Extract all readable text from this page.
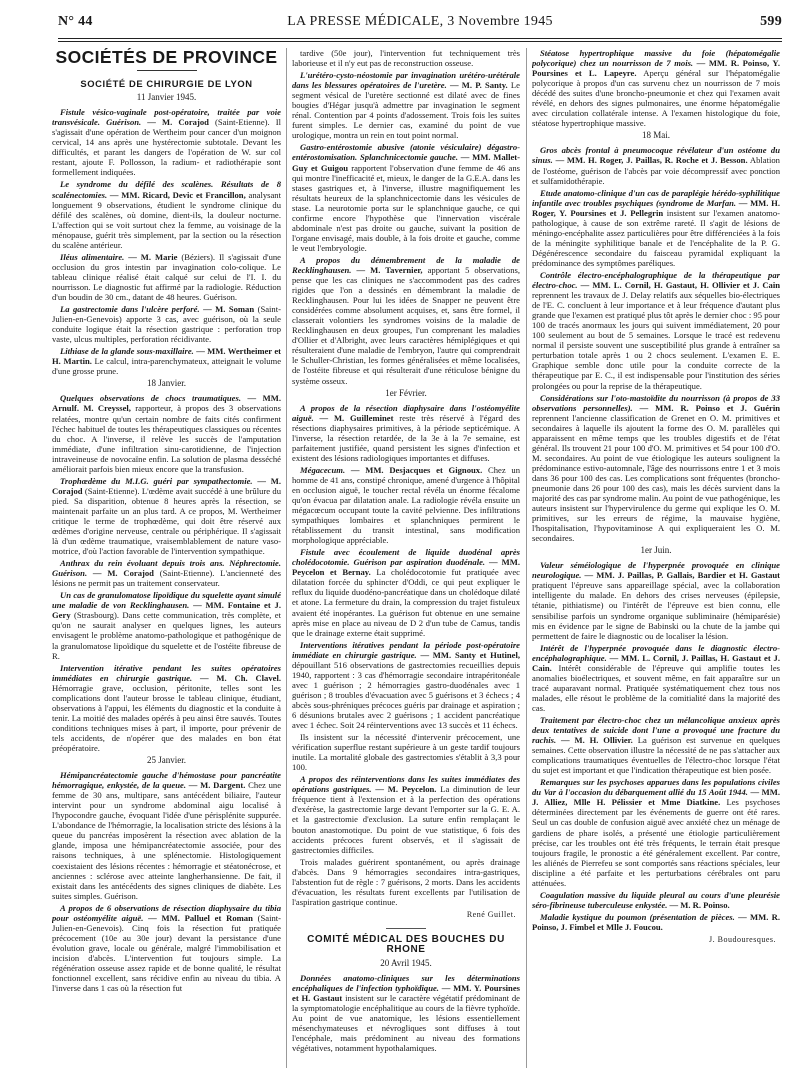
N° 44	LA PRESSE MÉDICALE, 3 Novembre 1945	599
SOCIÉTÉS DE PROVINCE
SOCIÉTÉ DE CHIRURGIE DE LYON
11 Janvier 1945.

Fistule vésico-vaginale post-opératoire, traitée par voie transvésicale. Guérison. — M. Corajod (Saint-Etienne). Il s'agissait d'une opération de Wertheim pour cancer d'un moignon cervical, 14 ans après une hystérectomie subtotale. Devant les difficultés, et parant les dangers de l'opération de W. sur col restant, ajoute F. Pollosson, la radium- et radiothérapie sont formellement indiquées.

Le syndrome du défilé des scalènes. Résultats de 8 scalénectomies. — MM. Ricard, Devic et Francillon, analysant longuement 9 observations, étudient le syndrome clinique du défilé des scalènes, où domine, dient-ils, la douleur nocturne. L'affection qui se voit surtout chez la femme, au voisinage de la ménopause, guérit très simplement, par la section ou la résection du scalène antérieur.

Iléus alimentaire. — M. Marie (Béziers). Il s'agissait d'une occlusion du gros intestin par invagination colo-colique. Le tableau clinique réalisé était calqué sur celui de l'I. I. du nourrisson. Le diagnostic fut affirmé par la radiologie. Réduction d'un boudin de 30 cm., datant de 48 heures. Guérison.

La gastrectomie dans l'ulcère perforé. — M. Soman (Saint-Julien-en-Genevois) apporte 3 cas, avec guérison, où la seule conduite logique était la résection gastrique : perforation trop vaste, ulcus multiples, perforation récidivante.

Lithiase de la glande sous-maxillaire. — MM. Wertheimer et H. Martin. Le calcul, intra-parenchymateux, atteignait le volume d'une grosse prune.

18 Janvier.

Quelques observations de chocs traumatiques. — MM. Arnulf. M. Creyssel, rapporteur, à propos des 3 observations relatées, montre qu'un certain nombre de faits cités confirment l'échec habituel de toutes les thérapeutiques classiques ou récentes du choc. A l'inverse, il relève les succès de l'amputation immédiate, d'une infiltration sinu-carotidienne, de l'injection intraveineuse de novocaïne enfin. La solution de plasma desséché améliorait parfois bien mieux encore que la transfusion.

Trophœdème du M.I.G. guéri par sympathectomie. — M. Corajod (Saint-Etienne). L'œdème avait succédé à une brûlure du pied. Sa disparition, obtenue 8 heures après la résection, se maintenait parfaite un an plus tard. A ce propos, M. Wertheimer critique le terme de trophœdème, qui doit être réservé aux œdèmes d'origine nerveuse, centrale ou périphérique. Il s'agissait là d'un œdème traumatique, vraisemblablement de nature vaso-motrice, d'où l'action favorable de l'intervention sympathique.

Anthrax du rein évoluant depuis trois ans. Néphrectomie. Guérison. — M. Corajod (Saint-Etienne). L'ancienneté des lésions ne permit pas un traitement conservateur.

Un cas de granulomatose lipoïdique du squelette ayant simulé une maladie de von Recklinghausen. — MM. Fontaine et J. Gery (Strasbourg). Dans cette communication, très complète, et qu'on ne saurait analyser en quelques lignes, les auteurs envisagent le problème anatomo-pathologique et pathogénique de la granulomatose lipoïdique du squelette et de l'ostéite fibreuse de R.

Intervention itérative pendant les suites opératoires immédiates en chirurgie gastrique. — M. Ch. Clavel. Hémorragie grave, occlusion, péritonite, telles sont les complications dont l'auteur brosse le tableau clinique, étudiant, observations à l'appui, les éléments du diagnostic et la conduite à tenir. La moitié des malades opérés à peu ainsi être sauvés. Toutes conditions techniques mises à part, il importe, pour prévenir de tels accidents, de n'opérer que des malades en bon état préopératoire.

25 Janvier.

Hémipancréatectomie gauche d'hémostase pour pancréatite hémorragique, enkystée, de la queue. — M. Dargent. Chez une femme de 30 ans, multipare, sans antécédent biliaire, l'auteur intervint pour un syndrome abdominal aigu localisé à l'hypocondre gauche, évoquant l'idée d'une périsplénite suppurée. L'abondance de l'hémorragie, la localisation stricte des lésions à la queue du pancréas imposèrent la résection avec ablation de la glande, imposa une hémipancréatectomie associée, pour des raisons techniques, à une splénectomie. Histologiquement coexistaient des lésions récentes : hémorragie et stéatonécrose, et anciennes : sclérose avec atteinte langherhansienne. De fait, il existait dans les antécédents des signes cliniques de diabète. Les suites simples. Guérison.

A propos de 6 observations de résection diaphysaire du tibia pour ostéomyélite aiguë. — MM. Palluel et Roman (Saint-Julien-en-Genevois). Cinq fois la résection fut pratiquée précocement (10e au 30e jour) devant la persistance d'une évolution grave, locale ou générale, malgré l'immobilisation et incision d'abcès. L'intervention fut toujours simple. La régénération osseuse assez rapide et de bonne qualité, le résultat fonctionnel excellent, sans récidive enfin au niveau du tibia. A l'inverse dans 1 cas où la résection fut

tardive (50e jour), l'intervention fut techniquement très laborieuse et il n'y eut pas de reconstruction osseuse.

L'urétéro-cysto-néostomie par invagination urétéro-urétérale dans les blessures opératoires de l'uretère. — M. P. Santy. Le segment vésical de l'uretère sectionné est dilaté avec de fines bougies d'Hégar jusqu'à admettre par invagination le segment rénal. Contention par 4 points d'adossement. Trois fois les suites furent simples. Le dernier cas, examiné du point de vue urologique, montra un rein en tout point normal.

Gastro-entérostomie abusive (atonie vésiculaire) dégastro-entérostomisation. Splanchnicectomie gauche. — MM. Mallet-Guy et Guigou rapportent l'observation d'une femme de 46 ans qui montre l'inefficacité et, mieux, le danger de la G.E.A. dans les stases gastriques et, à l'inverse, illustre magnifiquement les résultats heureux de la splanchnicectomie dans les vésicules de stase. La neurotomie porta sur le splanchnique gauche, ce qui confirme encore l'hypothèse que l'innervation viscérale abdominale n'est pas droite ou gauche, suivant la position de l'organe envisagé, mais double, à la fois droite et gauche, comme le veut l'embryologie.

A propos du démembrement de la maladie de Recklinghausen. — M. Tavernier, apportant 5 observations, pense que les cas cliniques ne s'accommodent pas des cadres rigides que l'on a dessinés en démembrant la maladie de Recklinghausen. Pour lui les idées de Snapper ne peuvent être considérées comme absolument acquises, et, sans être formel, il classerait volontiers les syndromes voisins de la maladie de Recklinghausen en deux groupes, l'un comprenant les maladies d'Ollier et d'Albright, avec leurs caractères hémiplégiques et qui résulteraient d'une maladie de l'embryon, l'autre qui comprendrait le Schuller-Christian, les formes généralisées et même localisées, de l'ostéite fibreuse et qui résulterait d'une réticulose bénigne du système osseux.

1er Février.

A propos de la résection diaphysaire dans l'ostéomyélite aiguë. — M. Guilleminet reste très réservé à l'égard des résections diaphysaires primitives, à la période septicémique. A l'inverse, la résection retardée, de la 3e à la 7e semaine, est parfaitement justifiée, quand persistent les signes d'infection et existent des lésions radiologiques importantes et diffuses.

Mégacecum. — MM. Desjacques et Gignoux. Chez un homme de 41 ans, constipé chronique, amené d'urgence à l'hôpital en occlusion aiguë, le toucher rectal révéla un énorme fécalome qu'on évacua par dilatation anale. La radiologie révéla ensuite un mégacœcum occupant toute la cavité pelvienne. Des infiltrations sympathiques lombaires et splanchniques permirent le rétablissement du transit intestinal, sans modification morphologique appréciable.

Fistule avec écoulement de liquide duodénal après cholédocotomie. Guérison par aspiration duodénale. — MM. Peycelon et Bernay. La cholédocotomie fut pratiquée avec dilatation forcée du sphincter d'Oddi, ce qui peut expliquer le reflux du liquide duodéno-pancréatique dans un cholédoque dilaté et atone. La fermeture du drain, la compression du trajet fistuleux avaient été inopérantes. La guérison fut obtenue en une semaine après mise en place au niveau de D 2 d'un tube de Camus, tandis que le drainage externe était supprimé.

Interventions itératives pendant la période post-opératoire immédiate en chirurgie gastrique. — MM. Santy et Hutinel, dépouillant 516 observations de gastrectomies recueillies depuis 1940, rapportent : 3 cas d'hémorragie secondaire intrapéritonéale avec 1 guérison ; 2 hémorragies gastro-duodénales avec 1 guérison ; 8 troubles d'évacuation avec 5 guérisons et 3 échecs ; 4 abcès sous-phréniques précoces guéris par drainage et aspiration ; 6 désunions brutales avec 2 guérisons ; 1 accident pancréatique avec 1 échec. Soit 24 réinterventions avec 13 succès et 11 échecs.

Ils insistent sur la nécessité d'intervenir précocement, une vérification superflue restant supérieure à un geste tardif toujours inutile. La mortalité globale des gastrectomies s'établit à 3,3 pour 100.

A propos des réinterventions dans les suites immédiates des opérations gastriques. — M. Peycelon. La diminution de leur fréquence tient à l'extension et à la perfection des opérations d'exérèse, la gastrectomie large devant l'emporter sur la G. E. A. et la gastrectomie d'exclusion. La suture enfin remplaçant le bouton anastomotique. Du point de vue statistique, 6 fois des accidents précoces furent observés, et il s'agissait de gastrectomies difficiles.

Trois malades guérirent spontanément, ou après drainage d'abcès. Dans 9 hémorragies secondaires intra-gastriques, l'abstention fut de règle : 7 guérisons, 2 morts. Dans les accidents d'évacuation, les résultats furent excellents par l'utilisation de l'aspiration gastrique continue.

René Guillet.
COMITÉ MÉDICAL DES BOUCHES DU RHONE
20 Avril 1945.

Données anatomo-cliniques sur les déterminations encéphaliques de l'infection typhoïdique. — MM. Y. Poursines et H. Gastaut insistent sur le caractère végétatif prédominant de la symptomatologie encéphalitique au cours de la fièvre typhoïde. Au point de vue anatomique, les lésions essentiellement mésenchymateuses et névrogliques sont diffuses à tout l'encéphale, mais prédominent au niveau des formations végétatives, notamment hypothalamiques.

Stéatose hypertrophique massive du foie (hépatomégalie polycorique) chez un nourrisson de 7 mois. — MM. R. Poinso, Y. Poursines et L. Lapeyre. Aperçu général sur l'hépatomégalie polycorique à propos d'un cas survenu chez un nourrisson de 7 mois décédé des suites d'une broncho-pneumonie et chez qui l'examen avait révélé, en dehors des signes pulmonaires, une énorme hépatomégalie avec circulation collatérale intense. A l'examen histologique du foie, stéatose hypertrophique massive.

18 Mai.

Gros abcès frontal à pneumocoque révélateur d'un ostéome du sinus. — MM. H. Roger, J. Paillas, R. Roche et J. Besson. Ablation de l'ostéome, guérison de l'abcès par voie décompressif avec ponction et sulfamidothérapie.

Etude anatomo-clinique d'un cas de paraplégie hérédo-syphilitique infantile avec troubles psychiques (syndrome de Marfan. — MM. H. Roger, Y. Poursines et J. Pellegrin insistent sur l'examen anatomo-pathologique, à cause de son extrême rareté. Il s'agit de lésions de méningo-encéphalite assez particulières pour être différenciées à la fois de la méningite syphilitique banale et de l'encéphalite de la P. G. Dégénérescence secondaire du faisceau pyramidal expliquant la prédominance des symptômes paréliques.

Contrôle électro-encéphalographique de la thérapeutique par électro-choc. — MM. L. Cornil, H. Gastaut, H. Ollivier et J. Cain reprennent les travaux de J. Delay relatifs aux séquelles bio-électriques de l'E. C. concluent à leur importance et à leur fréquence d'autant plus grande que l'examen est pratiqué plus tôt après le dernier choc : 95 pour 100 de tracés anormaux les jours qui suivent immédiatement, 20 pour 100 seulement au bout de 5 semaines. Lorsque le tracé est redevenu normal il persiste souvent une susceptibilité plus grande à entraîner sa perturbation totale après 1 ou 2 chocs seulement. L'examen E. E. Graphique semble donc utile pour la conduite correcte de la thérapeutique par E. C., il est indispensable pour l'institution des séries prolongées ou pour la reprise de la thérapeutique.

Considérations sur l'oto-mastoïdite du nourrisson (à propos de 33 observations personnelles). — MM. R. Poinso et J. Guérin reprennent l'ancienne classification de Grenet en O. M. primitives et secondaires à laquelle ils ajoutent la forme des O. M. parallèles qui apparaissent en même temps que les troubles digestifs et de l'état général. Ils trouvent 21 pour 100 d'O. M. primitives et 54 pour 100 d'O. M. secondaires. Au point de vue étiologique les auteurs soulignent la prédominance estivo-automnale, l'âge des nourrissons entre 1 et 3 mois dans 36 pour 100 des cas. Les complications sont fréquentes (broncho-pneumonie dans 26 pour 100 des cas), mais les décès survient dans la majorité des cas par syndrome malin. Au point de vue pathogénique, les auteurs insistent sur l'hypervirulence du germe qui explique les O. M. primitives, sur les erreurs de régime, la mauvaise hygiène, l'hospitalisation, l'hypovitaminose A qui expliqueraient les O. M. secondaires.

1er Juin.

Valeur séméiologique de l'hyperpnée provoquée en clinique neurologique. — MM. J. Paillas, P. Gallais, Bardier et H. Gastaut pratiquent l'épreuve sans appareillage spécial, avec la collaboration intelligente du malade. En dehors des crises nerveuses (épilepsie, tétanie, pithiatisme) ou l'intérêt de l'épreuve est bien connu, elle sensibilise parfois un syndrome organique subliminaire (hémiparésie) mis en évidence par le signe de Babinski ou la chute de la jambe qui permettent de faire le diagnostic ou de localiser la lésion.

Intérêt de l'hyperpnée provoquée dans le diagnostic électro-encéphalographique. — MM. L. Cornil, J. Paillas, H. Gastaut et J. Cain. Intérêt considérable de l'épreuve qui amplifie toutes les anomalies bioélectriques, et souvent même, en fait apparaître sur un tracé auparavant normal. Pratiquée systématiquement chez tous nos malades, elle résout le problème de la comitialité dans la majorité des cas.

Traitement par électro-choc chez un mélancolique anxieux après deux tentatives de suicide dont l'une a provoqué une fracture du rachis. — M. H. Ollivier. La guérison est survenue en quelques semaines. Cette observation illustre la nécessité de ne pas s'attacher aux complications traumatiques éventuelles de l'électro-choc lorsque l'état du sujet est important et que l'indication thérapeutique est bien posée.

Remarques sur les psychoses apparues dans les populations civiles du Var à l'occasion du débarquement allié du 15 Août 1944. — MM. J. Alliez, Mlle H. Pélissier et Mme Diatkine. Les psychoses déterminées directement par les événements de guerre ont été rares. Seul un cas double de confusion aiguë avec anxiété chez un ménage de gardiens de phare isolés, a présenté une étiologie particulièrement précise, car les troubles ont été très fréquents, le terrain était presque toujours fragile, le pronostic a été généralement excellent. Par contre, les aliénés de Pierrefeu se sont comportés sans réactions spéciales, leur discipline a été parfaite et les perturbations cérébrales ont paru atténuées.

Coagulation massive du liquide pleural au cours d'une pleurésie séro-fibrineuse tuberculeuse enkystée. — M. R. Poinso.

Maladie kystique du poumon (présentation de pièces. — MM. R. Poinso, J. Fimbel et Mlle J. Foucou.

J. Boudouresques.
